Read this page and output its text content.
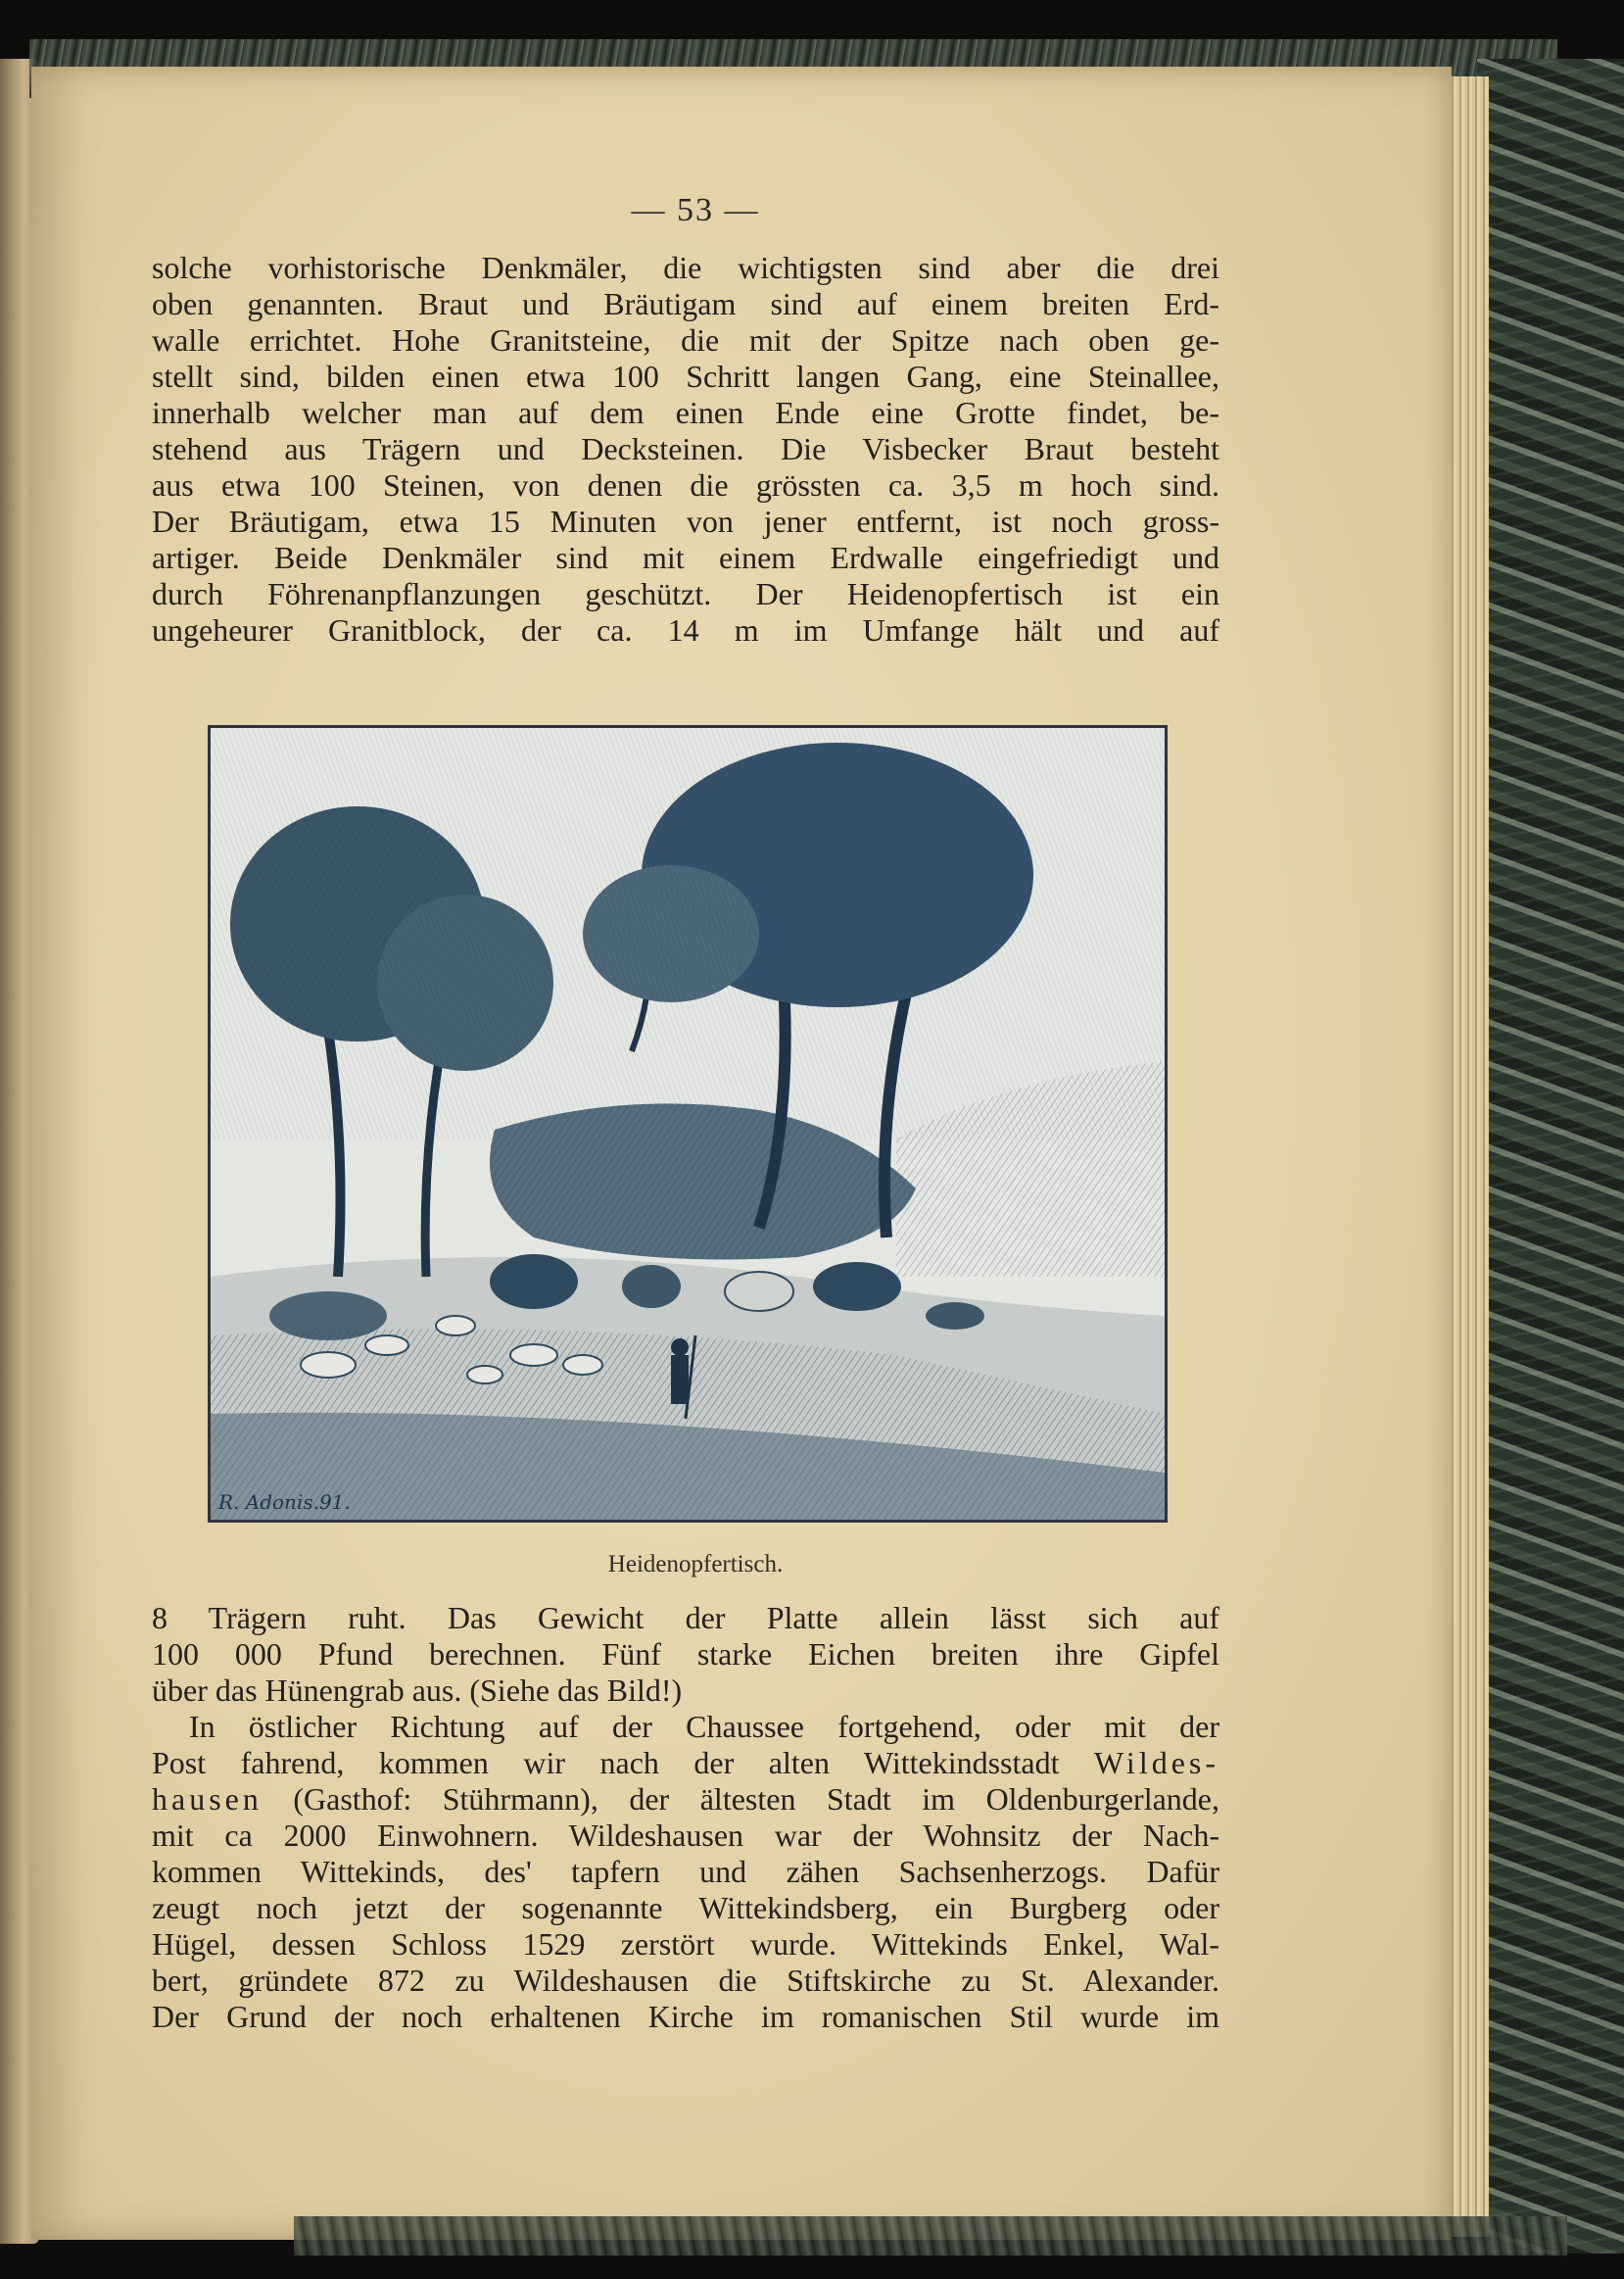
— 53 —
solche vorhistorische Denkmäler, die wichtigsten sind aber die drei
oben genannten. Braut und Bräutigam sind auf einem breiten Erd-
walle errichtet. Hohe Granitsteine, die mit der Spitze nach oben ge-
stellt sind, bilden einen etwa 100 Schritt langen Gang, eine Steinallee,
innerhalb welcher man auf dem einen Ende eine Grotte findet, be-
stehend aus Trägern und Decksteinen. Die Visbecker Braut besteht
aus etwa 100 Steinen, von denen die grössten ca. 3,5 m hoch sind.
Der Bräutigam, etwa 15 Minuten von jener entfernt, ist noch gross-
artiger. Beide Denkmäler sind mit einem Erdwalle eingefriedigt und
durch Föhrenanpflanzungen geschützt. Der Heidenopfertisch ist ein
ungeheurer Granitblock, der ca. 14 m im Umfange hält und auf
R. Adonis.91.
Heidenopfertisch.
8 Trägern ruht. Das Gewicht der Platte allein lässt sich auf
100 000 Pfund berechnen. Fünf starke Eichen breiten ihre Gipfel
über das Hünengrab aus. (Siehe das Bild!)
In östlicher Richtung auf der Chaussee fortgehend, oder mit der
Post fahrend, kommen wir nach der alten Wittekindsstadt Wildes-
hausen (Gasthof: Stührmann), der ältesten Stadt im Oldenburgerlande,
mit ca 2000 Einwohnern. Wildeshausen war der Wohnsitz der Nach-
kommen Wittekinds, des' tapfern und zähen Sachsenherzogs. Dafür
zeugt noch jetzt der sogenannte Wittekindsberg, ein Burgberg oder
Hügel, dessen Schloss 1529 zerstört wurde. Wittekinds Enkel, Wal-
bert, gründete 872 zu Wildeshausen die Stiftskirche zu St. Alexander.
Der Grund der noch erhaltenen Kirche im romanischen Stil wurde im
